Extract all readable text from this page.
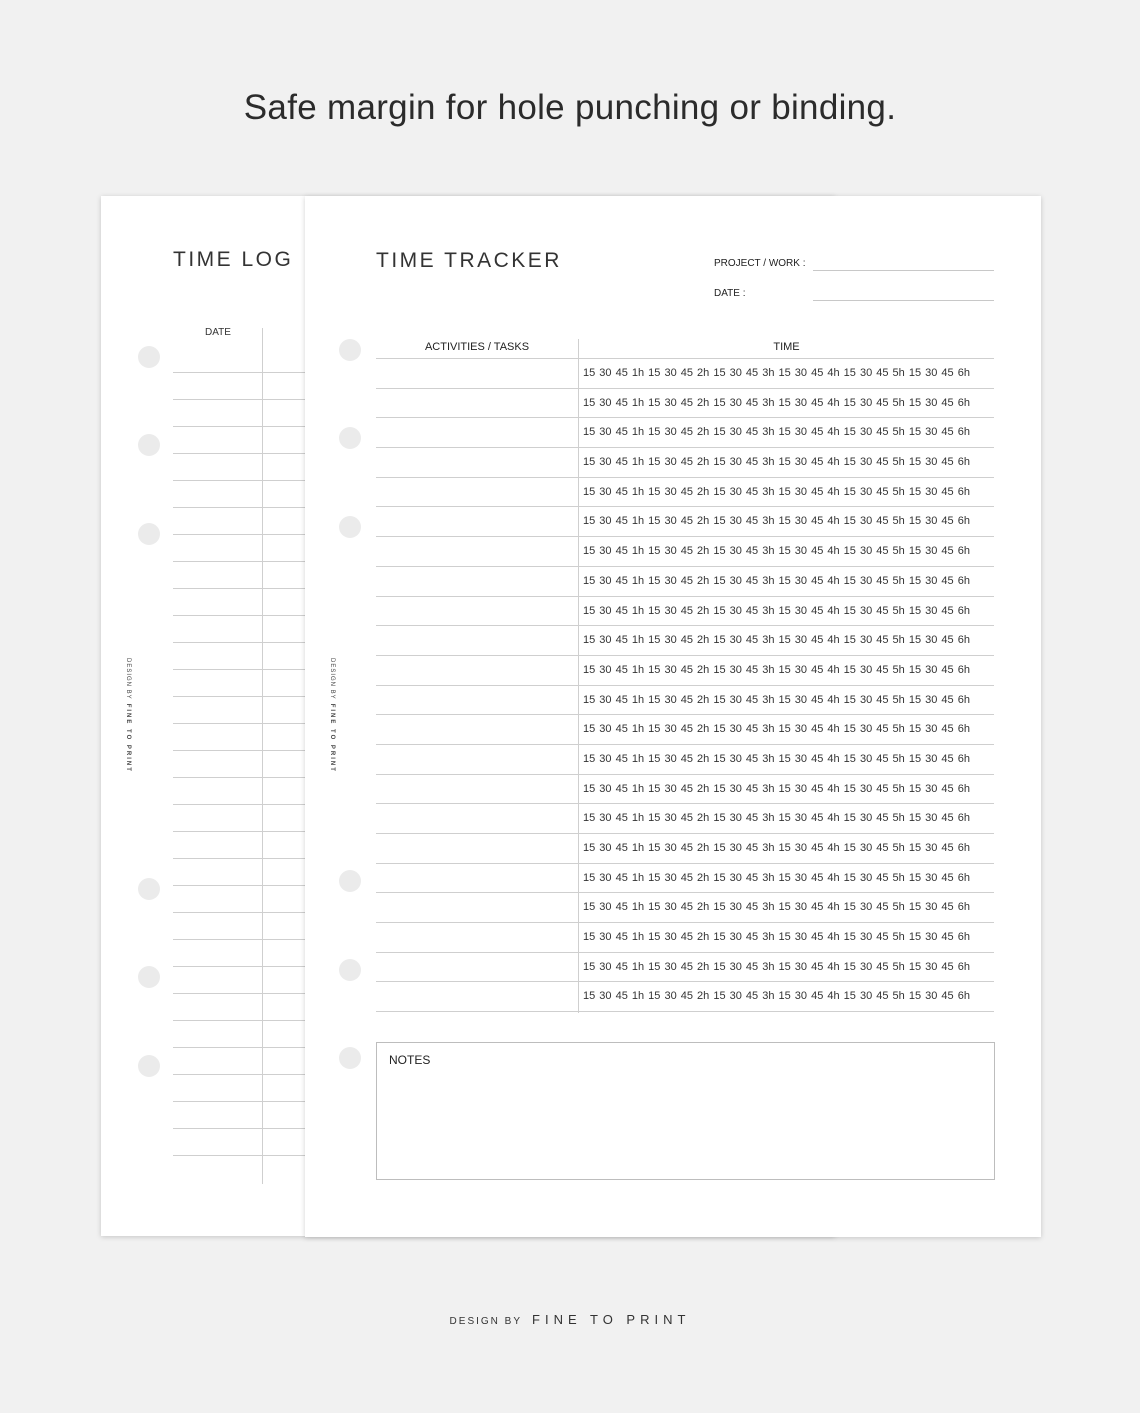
Safe margin for hole punching or binding.
TIME LOG
DESIGN BYFINE TO PRINT
DATE
TIME TRACKER	PROJECT / WORK :
DATE :
DESIGN BYFINE TO PRINT
ACTIVITIES / TASKS	TIME
15 30 45 1h 15 30 45 2h 15 30 45 3h 15 30 45 4h 15 30 45 5h 15 30 45 6h
15 30 45 1h 15 30 45 2h 15 30 45 3h 15 30 45 4h 15 30 45 5h 15 30 45 6h
15 30 45 1h 15 30 45 2h 15 30 45 3h 15 30 45 4h 15 30 45 5h 15 30 45 6h
15 30 45 1h 15 30 45 2h 15 30 45 3h 15 30 45 4h 15 30 45 5h 15 30 45 6h
15 30 45 1h 15 30 45 2h 15 30 45 3h 15 30 45 4h 15 30 45 5h 15 30 45 6h
15 30 45 1h 15 30 45 2h 15 30 45 3h 15 30 45 4h 15 30 45 5h 15 30 45 6h
15 30 45 1h 15 30 45 2h 15 30 45 3h 15 30 45 4h 15 30 45 5h 15 30 45 6h
15 30 45 1h 15 30 45 2h 15 30 45 3h 15 30 45 4h 15 30 45 5h 15 30 45 6h
15 30 45 1h 15 30 45 2h 15 30 45 3h 15 30 45 4h 15 30 45 5h 15 30 45 6h
15 30 45 1h 15 30 45 2h 15 30 45 3h 15 30 45 4h 15 30 45 5h 15 30 45 6h
15 30 45 1h 15 30 45 2h 15 30 45 3h 15 30 45 4h 15 30 45 5h 15 30 45 6h
15 30 45 1h 15 30 45 2h 15 30 45 3h 15 30 45 4h 15 30 45 5h 15 30 45 6h
15 30 45 1h 15 30 45 2h 15 30 45 3h 15 30 45 4h 15 30 45 5h 15 30 45 6h
15 30 45 1h 15 30 45 2h 15 30 45 3h 15 30 45 4h 15 30 45 5h 15 30 45 6h
15 30 45 1h 15 30 45 2h 15 30 45 3h 15 30 45 4h 15 30 45 5h 15 30 45 6h
15 30 45 1h 15 30 45 2h 15 30 45 3h 15 30 45 4h 15 30 45 5h 15 30 45 6h
15 30 45 1h 15 30 45 2h 15 30 45 3h 15 30 45 4h 15 30 45 5h 15 30 45 6h
15 30 45 1h 15 30 45 2h 15 30 45 3h 15 30 45 4h 15 30 45 5h 15 30 45 6h
15 30 45 1h 15 30 45 2h 15 30 45 3h 15 30 45 4h 15 30 45 5h 15 30 45 6h
15 30 45 1h 15 30 45 2h 15 30 45 3h 15 30 45 4h 15 30 45 5h 15 30 45 6h
15 30 45 1h 15 30 45 2h 15 30 45 3h 15 30 45 4h 15 30 45 5h 15 30 45 6h
15 30 45 1h 15 30 45 2h 15 30 45 3h 15 30 45 4h 15 30 45 5h 15 30 45 6h
NOTES
DESIGN BY FINE TO PRINT
